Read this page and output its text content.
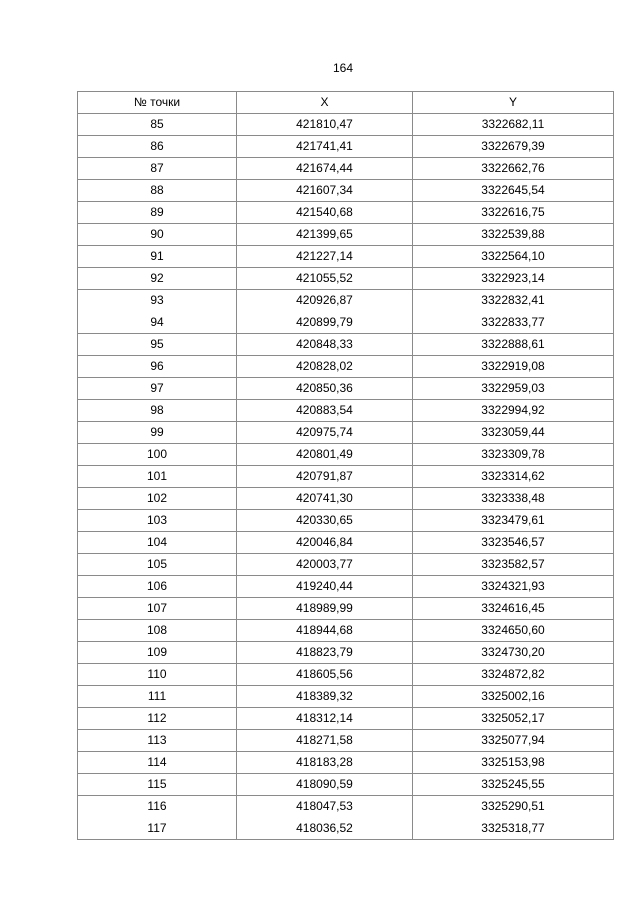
164
№ точки	X	Y
85	421810,47	3322682,11
86	421741,41	3322679,39
87	421674,44	3322662,76
88	421607,34	3322645,54
89	421540,68	3322616,75
90	421399,65	3322539,88
91	421227,14	3322564,10
92	421055,52	3322923,14
93	420926,87	3322832,41
94	420899,79	3322833,77
95	420848,33	3322888,61
96	420828,02	3322919,08
97	420850,36	3322959,03
98	420883,54	3322994,92
99	420975,74	3323059,44
100	420801,49	3323309,78
101	420791,87	3323314,62
102	420741,30	3323338,48
103	420330,65	3323479,61
104	420046,84	3323546,57
105	420003,77	3323582,57
106	419240,44	3324321,93
107	418989,99	3324616,45
108	418944,68	3324650,60
109	418823,79	3324730,20
110	418605,56	3324872,82
111	418389,32	3325002,16
112	418312,14	3325052,17
113	418271,58	3325077,94
114	418183,28	3325153,98
115	418090,59	3325245,55
116	418047,53	3325290,51
117	418036,52	3325318,77
